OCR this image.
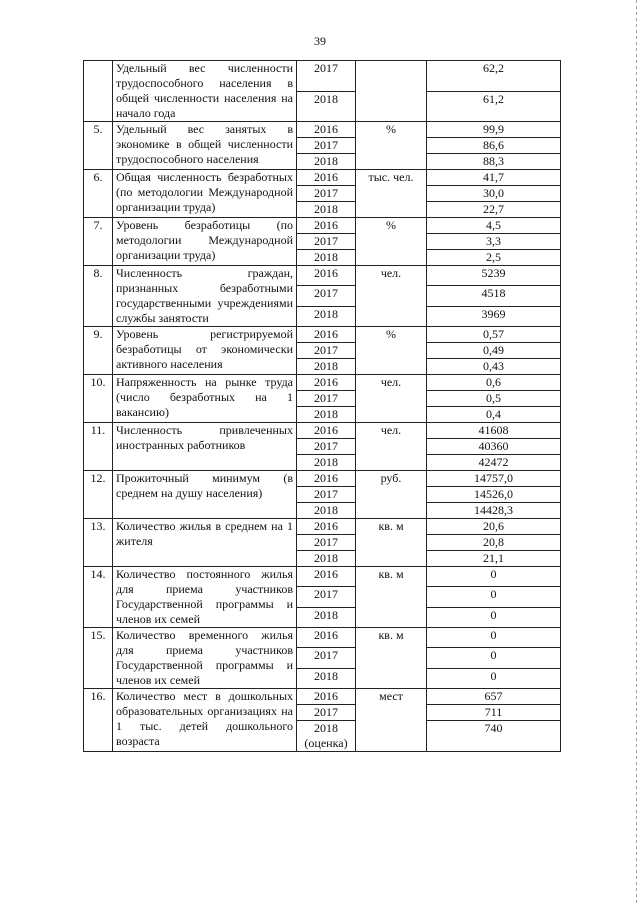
39
	Удельный вес численности трудоспособного населения в общей численности населения на начало года	2017		62,2
		2018		61,2
5.	Удельный вес занятых в экономике в общей численности трудоспособного населения	2016	%	99,9
		2017		86,6
		2018		88,3
6.	Общая численность безработных (по методологии Международной организации труда)	2016	тыс. чел.	41,7
		2017		30,0
		2018		22,7
7.	Уровень безработицы (по методологии Международной организации труда)	2016	%	4,5
		2017		3,3
		2018		2,5
8.	Численность граждан, признанных безработными государственными учреждениями службы занятости	2016	чел.	5239
		2017		4518
		2018		3969
9.	Уровень регистрируемой безработицы от экономически активного населения	2016	%	0,57
		2017		0,49
		2018		0,43
10.	Напряженность на рынке труда (число безработных на 1 вакансию)	2016	чел.	0,6
		2017		0,5
		2018		0,4
11.	Численность привлеченных иностранных работников	2016	чел.	41608
		2017		40360
		2018		42472
12.	Прожиточный минимум (в среднем на душу населения)	2016	руб.	14757,0
		2017		14526,0
		2018		14428,3
13.	Количество жилья в среднем на 1 жителя	2016	кв. м	20,6
		2017		20,8
		2018		21,1
14.	Количество постоянного жилья для приема участников Государственной программы и членов их семей	2016	кв. м	0
		2017		0
		2018		0
15.	Количество временного жилья для приема участников Государственной программы и членов их семей	2016	кв. м	0
		2017		0
		2018		0
16.	Количество мест в дошкольных образовательных организациях на 1 тыс. детей дошкольного возраста	2016	мест	657
		2017		711
		2018 (оценка)		740
